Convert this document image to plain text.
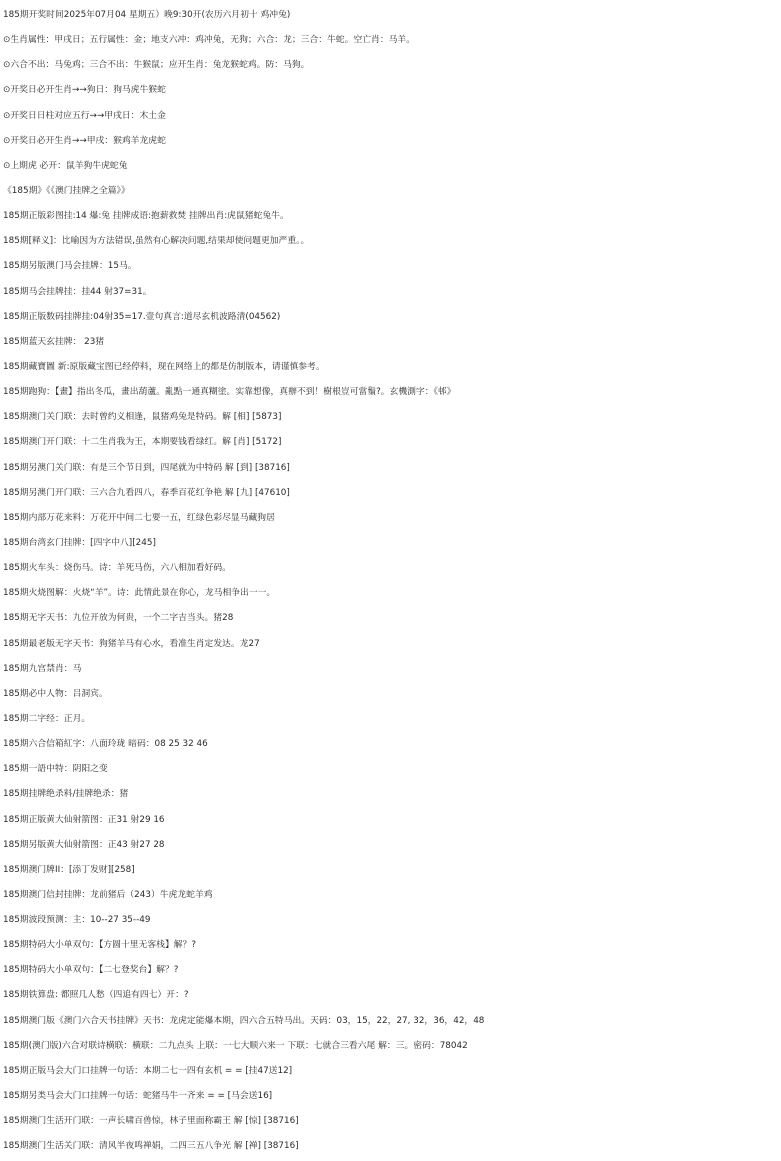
185期开奖时间2025年07月04 星期五）晚9:30开(农历六月初十 鸡冲兔)
⊙生肖属性：甲戌日；五行属性：金；地支六冲：鸡冲兔，无狗；六合：龙；三合：牛蛇。空亡肖：马羊。
⊙六合不出：马兔鸡；三合不出：牛猴鼠；应开生肖：兔龙猴蛇鸡。防：马狗。
⊙开奖日必开生肖→→狗日：狗马虎牛猴蛇
⊙开奖日日柱对应五行→→甲戌日：木土金
⊙开奖日必开生肖→→甲戌：猴鸡羊龙虎蛇
⊙上期虎 必开：鼠羊狗牛虎蛇兔
《185期》《《澳门挂牌之全篇》》
185期正版彩图挂:14 爆:兔 挂牌成语:抱薪救焚 挂牌出肖:虎鼠猪蛇兔牛。
185期[释义]：比喻因为方法错误,虽然有心解决问题,结果却使问题更加严重。。
185期另版澳门马会挂牌：15马。
185期马会挂牌挂：挂44 射37=31。
185期正版数码挂牌挂:04射35=17.壹句真言:道尽玄机波路清(04562)
185期蓝天玄挂牌： 23猪
185期藏寶圖 新:原版藏宝图已经停料，现在网络上的都是仿制版本，请谨慎参考。
185期跑狗：【畫】指出冬瓜，畫出葫蘆。亂點一通真糊塗。实靠想像，真辦不到！樹根豈可當鬚?。玄機測字：《邨》
185期澳门关门联：去时曾约义相逢，鼠猪鸡兔是特码。解 [相] [5873]
185期澳门开门联：十二生肖我为王，本期要钱看绿红。解 [肖] [5172]
185期另澳门关门联：有是三个节日到，四尾就为中特码 解 [到] [38716]
185期另澳门开门联：三六合九看四八，春季百花红争艳 解 [九] [47610]
185期内部万花来料：万花开中间二七要一五，红绿色彩尽显马藏狗居
185期台湾玄门挂牌：[四字中八][245]
185期火车头：烧伤马。诗：羊死马伤，六八相加看好码。
185期火烧图解：火烧“羊”。诗：此情此景在你心，龙马相争出一一。
185期无字天书：九位开放为何贵，一个二字吉当头。猪28
185期最老版无字天书：狗猪羊马有心水，看准生肖定发达。龙27
185期九宫禁肖：马
185期必中人物：吕洞宾。
185期二字经：正月。
185期六合信箱紅字：八面玲珑 暗码：08 25 32 46
185期一語中特：阴阳之变
185期挂牌绝杀料/挂牌绝杀：猪
185期正版黄大仙射箭图：正31 射29 16
185期另版黄大仙射箭图：正43 射27 28
185期澳门牌II：[添丁发财][258]
185期澳门信封挂牌：龙前猪后（243）牛虎龙蛇羊鸡
185期波段预测：主：10--27 35--49
185期特码大小单双句：【方圆十里无客栈】解？?
185期特码大小单双句：【二七登奖台】解？?
185期铁算盘: 都照几人愁（四追有四七）开：?
185期澳门版《澳门六合天书挂牌》天书：龙虎定能爆本期，四六合五特马出。天码：03，15，22，27, 32，36，42，48
185期(澳门版)六合对联诗横联：横联：二九点头 上联：一七大顺六来一 下联：七就合三看六尾 解：三。密码：78042
185期正版马会大门口挂牌一句话：本期二七一四有玄机 = = [挂47送12]
185期另类马会大门口挂牌一句话：蛇猪马牛一齐来 = = [马会送16]
185期澳门生活开门联：一声长啸百兽惊，林子里面称霸王 解 [惊] [38716]
185期澳门生活关门联：清风半夜鸣禅娟，二四三五八争光 解 [禅] [38716]
